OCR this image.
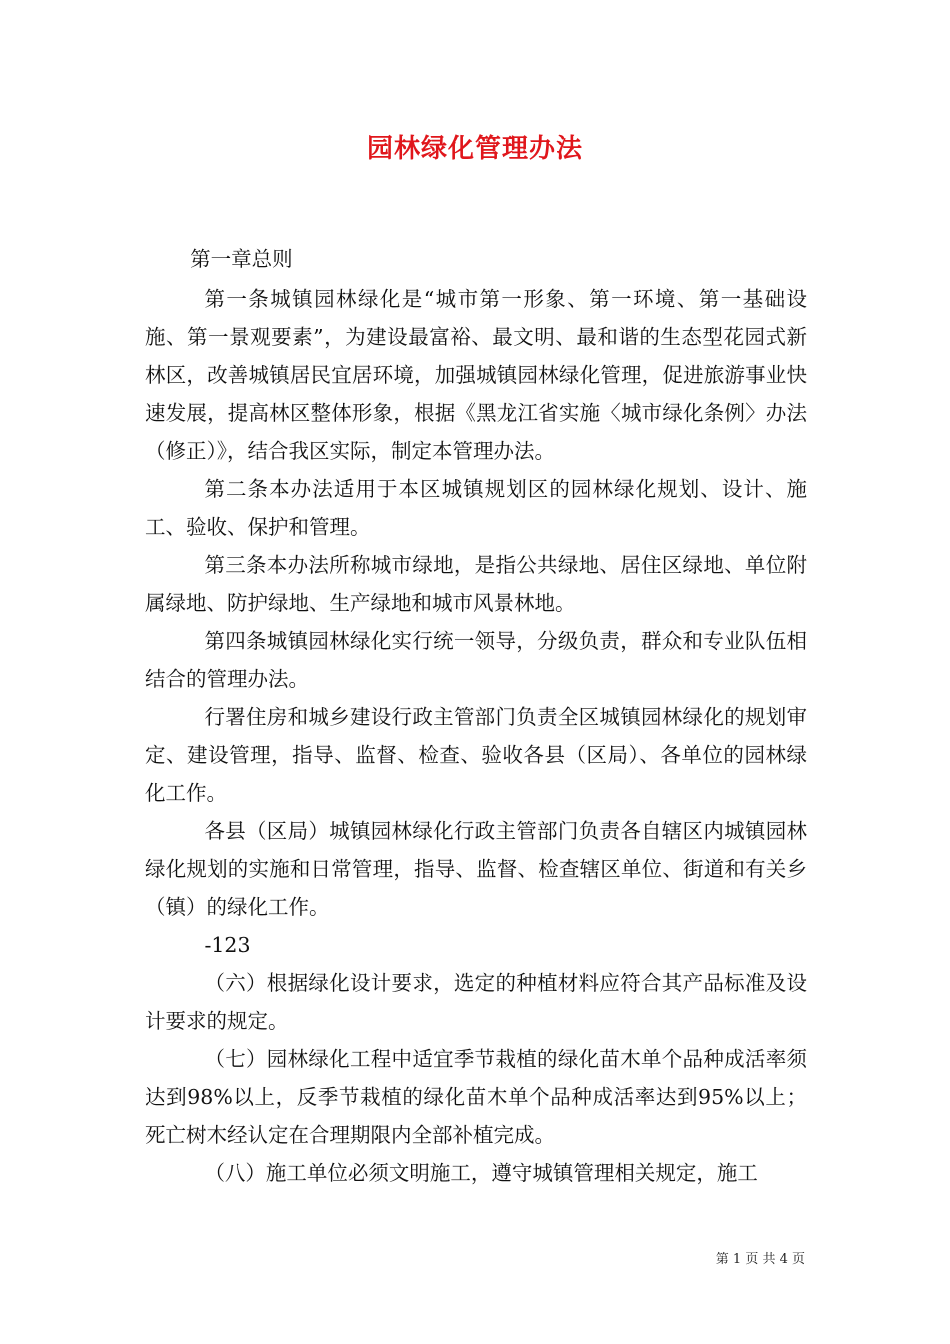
园林绿化管理办法

第一章总则

第一条城镇园林绿化是“城市第一形象、第一环境、第一基础设施、第一景观要素”，为建设最富裕、最文明、最和谐的生态型花园式新林区，改善城镇居民宜居环境，加强城镇园林绿化管理，促进旅游事业快速发展，提高林区整体形象，根据《黑龙江省实施〈城市绿化条例〉办法（修正）》，结合我区实际，制定本管理办法。

第二条本办法适用于本区城镇规划区的园林绿化规划、设计、施工、验收、保护和管理。

第三条本办法所称城市绿地，是指公共绿地、居住区绿地、单位附属绿地、防护绿地、生产绿地和城市风景林地。

第四条城镇园林绿化实行统一领导，分级负责，群众和专业队伍相结合的管理办法。

行署住房和城乡建设行政主管部门负责全区城镇园林绿化的规划审定、建设管理，指导、监督、检查、验收各县（区局）、各单位的园林绿化工作。

各县（区局）城镇园林绿化行政主管部门负责各自辖区内城镇园林绿化规划的实施和日常管理，指导、监督、检查辖区单位、街道和有关乡（镇）的绿化工作。

-123

（六）根据绿化设计要求，选定的种植材料应符合其产品标准及设计要求的规定。

（七）园林绿化工程中适宜季节栽植的绿化苗木单个品种成活率须达到98%以上，反季节栽植的绿化苗木单个品种成活率达到95%以上；死亡树木经认定在合理期限内全部补植完成。

（八）施工单位必须文明施工，遵守城镇管理相关规定，施工

第 1 页 共 4 页
